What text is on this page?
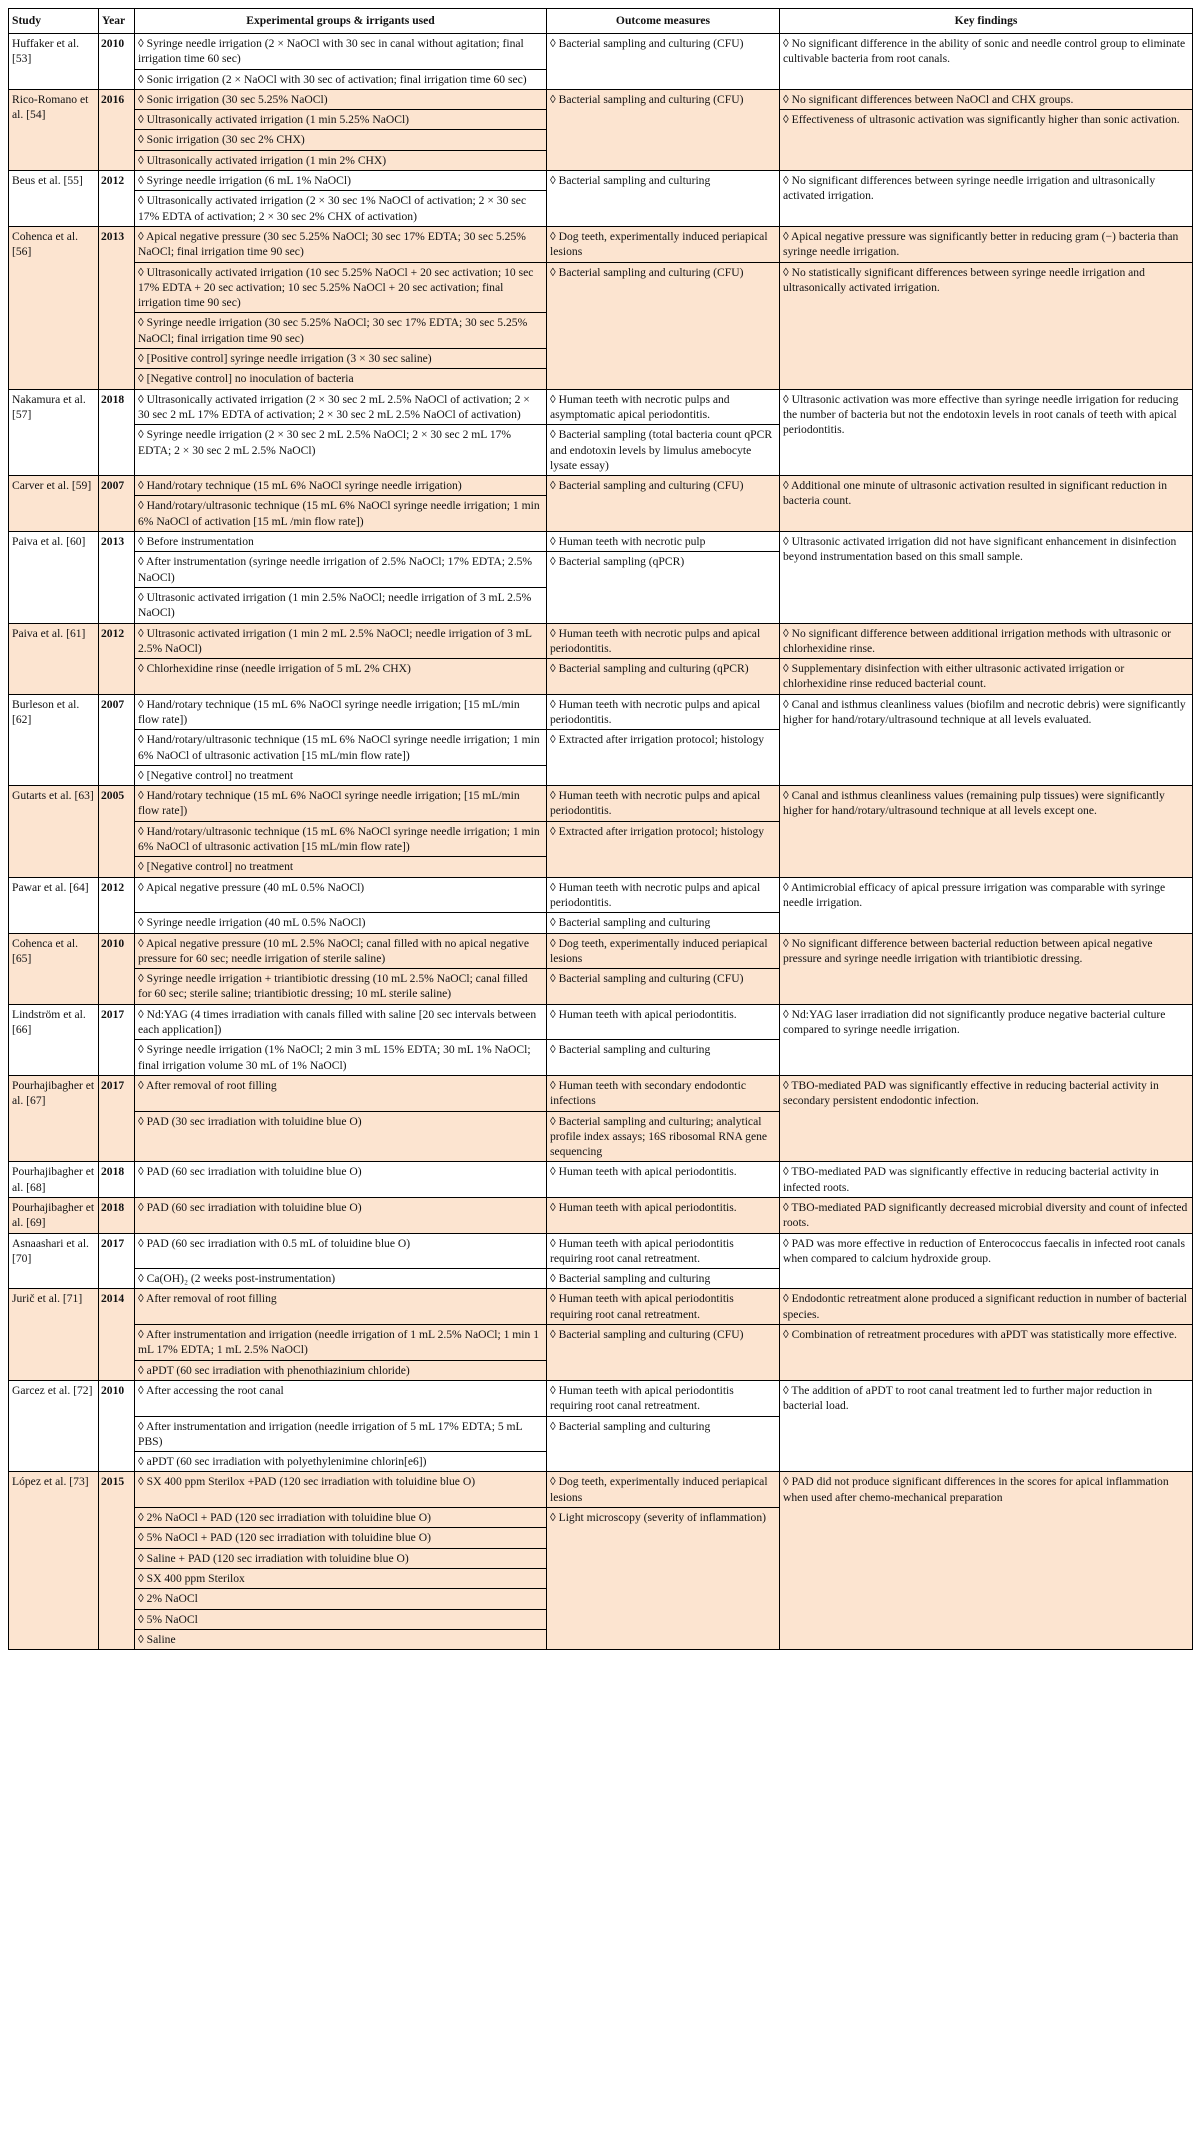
Study	Year	Experimental groups & irrigants used	Outcome measures	Key findings
Huffaker et al. [53]	2010	◊ Syringe needle irrigation (2 × NaOCl with 30 sec in canal without agitation; final irrigation time 60 sec)	◊ Bacterial sampling and culturing (CFU)	◊ No significant difference in the ability of sonic and needle control group to eliminate cultivable bacteria from root canals.
		◊ Sonic irrigation (2 × NaOCl with 30 sec of activation; final irrigation time 60 sec)		
Rico-Romano et al. [54]	2016	◊ Sonic irrigation (30 sec 5.25% NaOCl)	◊ Bacterial sampling and culturing (CFU)	◊ No significant differences between NaOCl and CHX groups.
		◊ Ultrasonically activated irrigation (1 min 5.25% NaOCl)		◊ Effectiveness of ultrasonic activation was significantly higher than sonic activation.
		◊ Sonic irrigation (30 sec 2% CHX)		
		◊ Ultrasonically activated irrigation (1 min 2% CHX)		
Beus et al. [55]	2012	◊ Syringe needle irrigation (6 mL 1% NaOCl)	◊ Bacterial sampling and culturing	◊ No significant differences between syringe needle irrigation and ultrasonically activated irrigation.
		◊ Ultrasonically activated irrigation (2 × 30 sec 1% NaOCl of activation; 2 × 30 sec 17% EDTA of activation; 2 × 30 sec 2% CHX of activation)		
Cohenca et al. [56]	2013	◊ Apical negative pressure (30 sec 5.25% NaOCl; 30 sec 17% EDTA; 30 sec 5.25% NaOCl; final irrigation time 90 sec)	◊ Dog teeth, experimentally induced periapical lesions	◊ Apical negative pressure was significantly better in reducing gram (−) bacteria than syringe needle irrigation.
		◊ Ultrasonically activated irrigation (10 sec 5.25% NaOCl + 20 sec activation; 10 sec 17% EDTA + 20 sec activation; 10 sec 5.25% NaOCl + 20 sec activation; final irrigation time 90 sec)	◊ Bacterial sampling and culturing (CFU)	◊ No statistically significant differences between syringe needle irrigation and ultrasonically activated irrigation.
		◊ Syringe needle irrigation (30 sec 5.25% NaOCl; 30 sec 17% EDTA; 30 sec 5.25% NaOCl; final irrigation time 90 sec)		
		◊ [Positive control] syringe needle irrigation (3 × 30 sec saline)		
		◊ [Negative control] no inoculation of bacteria		
Nakamura et al. [57]	2018	◊ Ultrasonically activated irrigation (2 × 30 sec 2 mL 2.5% NaOCl of activation; 2 × 30 sec 2 mL 17% EDTA of activation; 2 × 30 sec 2 mL 2.5% NaOCl of activation)	◊ Human teeth with necrotic pulps and asymptomatic apical periodontitis.	◊ Ultrasonic activation was more effective than syringe needle irrigation for reducing the number of bacteria but not the endotoxin levels in root canals of teeth with apical periodontitis.
		◊ Syringe needle irrigation (2 × 30 sec 2 mL 2.5% NaOCl; 2 × 30 sec 2 mL 17% EDTA; 2 × 30 sec 2 mL 2.5% NaOCl)	◊ Bacterial sampling (total bacteria count qPCR and endotoxin levels by limulus amebocyte lysate essay)	
Carver et al. [59]	2007	◊ Hand/rotary technique (15 mL 6% NaOCl syringe needle irrigation)	◊ Bacterial sampling and culturing (CFU)	◊ Additional one minute of ultrasonic activation resulted in significant reduction in bacteria count.
		◊ Hand/rotary/ultrasonic technique (15 mL 6% NaOCl syringe needle irrigation; 1 min 6% NaOCl of activation [15 mL /min flow rate])		
Paiva et al. [60]	2013	◊ Before instrumentation	◊ Human teeth with necrotic pulp	◊ Ultrasonic activated irrigation did not have significant enhancement in disinfection beyond instrumentation based on this small sample.
		◊ After instrumentation (syringe needle irrigation of 2.5% NaOCl; 17% EDTA; 2.5% NaOCl)	◊ Bacterial sampling (qPCR)	
		◊ Ultrasonic activated irrigation (1 min 2.5% NaOCl; needle irrigation of 3 mL 2.5% NaOCl)		
Paiva et al. [61]	2012	◊ Ultrasonic activated irrigation (1 min 2 mL 2.5% NaOCl; needle irrigation of 3 mL 2.5% NaOCl)	◊ Human teeth with necrotic pulps and apical periodontitis.	◊ No significant difference between additional irrigation methods with ultrasonic or chlorhexidine rinse.
		◊ Chlorhexidine rinse (needle irrigation of 5 mL 2% CHX)	◊ Bacterial sampling and culturing (qPCR)	◊ Supplementary disinfection with either ultrasonic activated irrigation or chlorhexidine rinse reduced bacterial count.
Burleson et al. [62]	2007	◊ Hand/rotary technique (15 mL 6% NaOCl syringe needle irrigation; [15 mL/min flow rate])	◊ Human teeth with necrotic pulps and apical periodontitis.	◊ Canal and isthmus cleanliness values (biofilm and necrotic debris) were significantly higher for hand/rotary/ultrasound technique at all levels evaluated.
		◊ Hand/rotary/ultrasonic technique (15 mL 6% NaOCl syringe needle irrigation; 1 min 6% NaOCl of ultrasonic activation [15 mL/min flow rate])	◊ Extracted after irrigation protocol; histology	
		◊ [Negative control] no treatment		
Gutarts et al. [63]	2005	◊ Hand/rotary technique (15 mL 6% NaOCl syringe needle irrigation; [15 mL/min flow rate])	◊ Human teeth with necrotic pulps and apical periodontitis.	◊ Canal and isthmus cleanliness values (remaining pulp tissues) were significantly higher for hand/rotary/ultrasound technique at all levels except one.
		◊ Hand/rotary/ultrasonic technique (15 mL 6% NaOCl syringe needle irrigation; 1 min 6% NaOCl of ultrasonic activation [15 mL/min flow rate])	◊ Extracted after irrigation protocol; histology	
		◊ [Negative control] no treatment		
Pawar et al. [64]	2012	◊ Apical negative pressure (40 mL 0.5% NaOCl)	◊ Human teeth with necrotic pulps and apical periodontitis.	◊ Antimicrobial efficacy of apical pressure irrigation was comparable with syringe needle irrigation.
		◊ Syringe needle irrigation (40 mL 0.5% NaOCl)	◊ Bacterial sampling and culturing	
Cohenca et al. [65]	2010	◊ Apical negative pressure (10 mL 2.5% NaOCl; canal filled with no apical negative pressure for 60 sec; needle irrigation of sterile saline)	◊ Dog teeth, experimentally induced periapical lesions	◊ No significant difference between bacterial reduction between apical negative pressure and syringe needle irrigation with triantibiotic dressing.
		◊ Syringe needle irrigation + triantibiotic dressing (10 mL 2.5% NaOCl; canal filled for 60 sec; sterile saline; triantibiotic dressing; 10 mL sterile saline)	◊ Bacterial sampling and culturing (CFU)	
Lindström et al. [66]	2017	◊ Nd:YAG (4 times irradiation with canals filled with saline [20 sec intervals between each application])	◊ Human teeth with apical periodontitis.	◊ Nd:YAG laser irradiation did not significantly produce negative bacterial culture compared to syringe needle irrigation.
		◊ Syringe needle irrigation (1% NaOCl; 2 min 3 mL 15% EDTA; 30 mL 1% NaOCl; final irrigation volume 30 mL of 1% NaOCl)	◊ Bacterial sampling and culturing	
Pourhajibagher et al. [67]	2017	◊ After removal of root filling	◊ Human teeth with secondary endodontic infections	◊ TBO-mediated PAD was significantly effective in reducing bacterial activity in secondary persistent endodontic infection.
		◊ PAD (30 sec irradiation with toluidine blue O)	◊ Bacterial sampling and culturing; analytical profile index assays; 16S ribosomal RNA gene sequencing	
Pourhajibagher et al. [68]	2018	◊ PAD (60 sec irradiation with toluidine blue O)	◊ Human teeth with apical periodontitis.	◊ TBO-mediated PAD was significantly effective in reducing bacterial activity in infected roots.
Pourhajibagher et al. [69]	2018	◊ PAD (60 sec irradiation with toluidine blue O)	◊ Human teeth with apical periodontitis.	◊ TBO-mediated PAD significantly decreased microbial diversity and count of infected roots.
Asnaashari et al. [70]	2017	◊ PAD (60 sec irradiation with 0.5 mL of toluidine blue O)	◊ Human teeth with apical periodontitis requiring root canal retreatment.	◊ PAD was more effective in reduction of Enterococcus faecalis in infected root canals when compared to calcium hydroxide group.
		◊ Ca(OH)₂ (2 weeks post-instrumentation)	◊ Bacterial sampling and culturing	
Jurič et al. [71]	2014	◊ After removal of root filling	◊ Human teeth with apical periodontitis requiring root canal retreatment.	◊ Endodontic retreatment alone produced a significant reduction in number of bacterial species.
		◊ After instrumentation and irrigation (needle irrigation of 1 mL 2.5% NaOCl; 1 min 1 mL 17% EDTA; 1 mL 2.5% NaOCl)	◊ Bacterial sampling and culturing (CFU)	◊ Combination of retreatment procedures with aPDT was statistically more effective.
		◊ aPDT (60 sec irradiation with phenothiazinium chloride)		
Garcez et al. [72]	2010	◊ After accessing the root canal	◊ Human teeth with apical periodontitis requiring root canal retreatment.	◊ The addition of aPDT to root canal treatment led to further major reduction in bacterial load.
		◊ After instrumentation and irrigation (needle irrigation of 5 mL 17% EDTA; 5 mL PBS)	◊ Bacterial sampling and culturing	
		◊ aPDT (60 sec irradiation with polyethylenimine chlorin[e6])		
López et al. [73]	2015	◊ SX 400 ppm Sterilox +PAD (120 sec irradiation with toluidine blue O)	◊ Dog teeth, experimentally induced periapical lesions	◊ PAD did not produce significant differences in the scores for apical inflammation when used after chemo-mechanical preparation
		◊ 2% NaOCl + PAD (120 sec irradiation with toluidine blue O)	◊ Light microscopy (severity of inflammation)	
		◊ 5% NaOCl + PAD (120 sec irradiation with toluidine blue O)		
		◊ Saline + PAD (120 sec irradiation with toluidine blue O)		
		◊ SX 400 ppm Sterilox		
		◊ 2% NaOCl		
		◊ 5% NaOCl		
		◊ Saline		
